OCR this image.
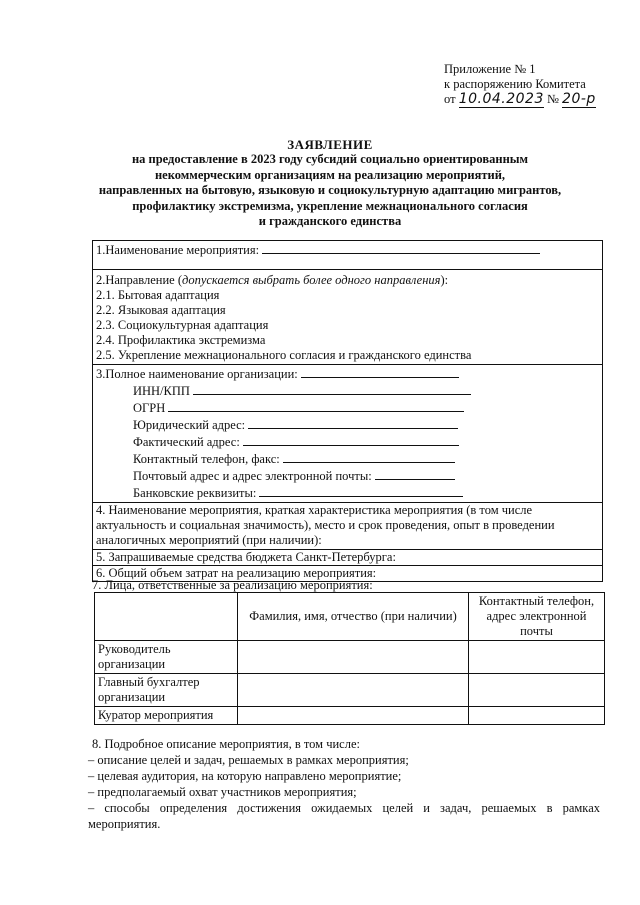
Приложение № 1
к распоряжению Комитета
от 10.04.2023 № 20-р
ЗАЯВЛЕНИЕ
на предоставление в 2023 году субсидий социально ориентированным
некоммерческим организациям на реализацию мероприятий,
направленных на бытовую, языковую и социокультурную адаптацию мигрантов,
профилактику экстремизма, укрепление межнационального согласия
и гражданского единства
1.Наименование мероприятия:

2.Направление (допускается выбрать более одного направления):
2.1. Бытовая адаптация
2.2. Языковая адаптация
2.3. Социокультурная адаптация
2.4. Профилактика экстремизма
2.5. Укрепление межнационального согласия и гражданского единства

3.Полное наименование организации:
ИНН/КПП
ОГРН
Юридический адрес:
Фактический адрес:
Контактный телефон, факс:
Почтовый адрес и адрес электронной почты:
Банковские реквизиты:

4. Наименование мероприятия, краткая характеристика мероприятия (в том числе актуальность и социальная значимость), место и срок проведения, опыт в проведении аналогичных мероприятий (при наличии):
5. Запрашиваемые средства бюджета Санкт-Петербурга:
6. Общий объем затрат на реализацию мероприятия:
7. Лица, ответственные за реализацию мероприятия:
	Фамилия, имя, отчество (при наличии)	Контактный телефон, адрес электронной почты
Руководитель организации		
Главный бухгалтер организации		
Куратор мероприятия		
8. Подробное описание мероприятия, в том числе:
– описание целей и задач, решаемых в рамках мероприятия;
– целевая аудитория, на которую направлено мероприятие;
– предполагаемый охват участников мероприятия;
– способы определения достижения ожидаемых целей и задач, решаемых в рамках мероприятия.
